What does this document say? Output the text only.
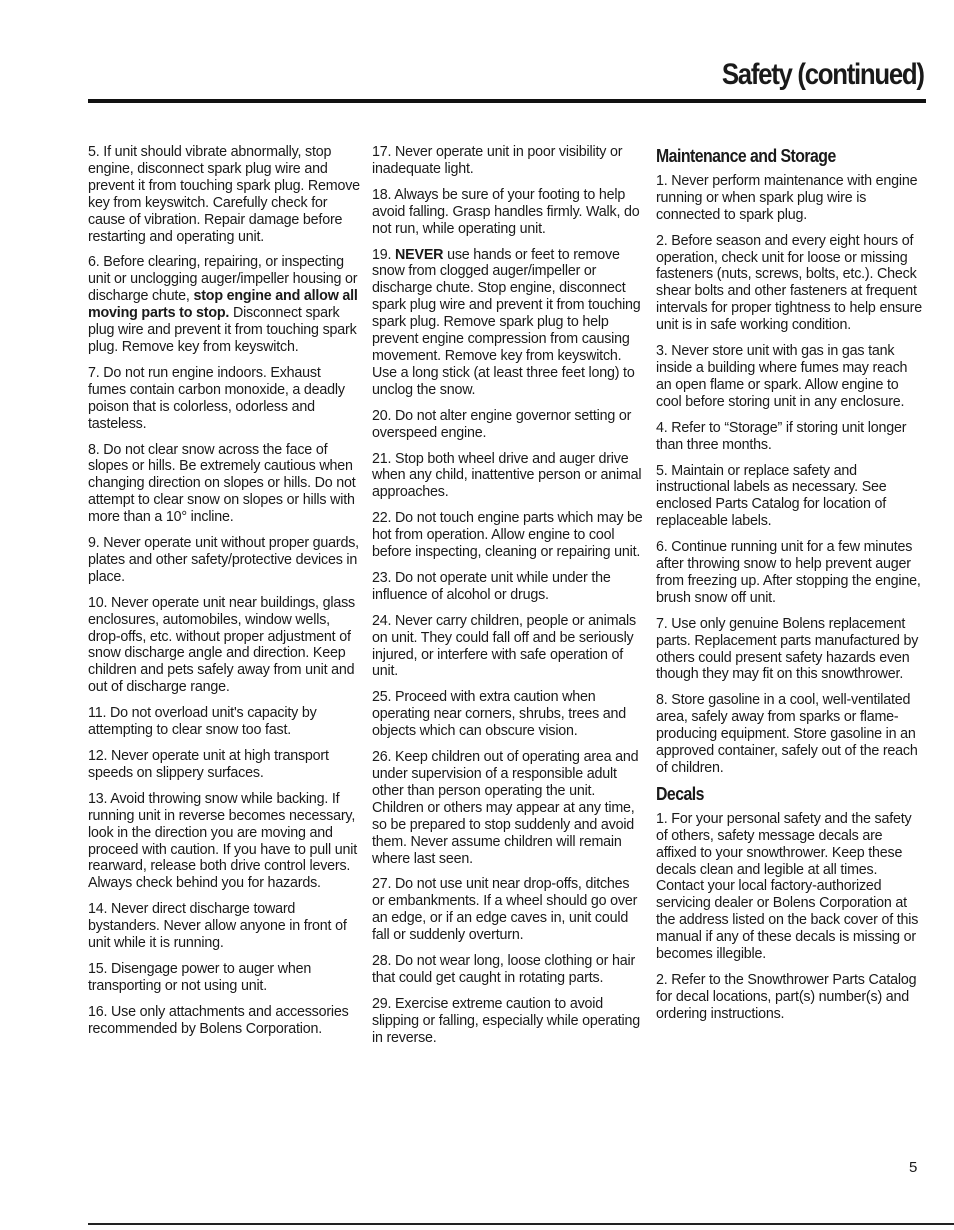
Safety (continued)

5. If unit should vibrate abnormally, stop engine, disconnect spark plug wire and prevent it from touching spark plug. Remove key from keyswitch. Carefully check for cause of vibration. Repair damage before restarting and operating unit.

6. Before clearing, repairing, or inspecting unit or unclogging auger/impeller housing or discharge chute, stop engine and allow all moving parts to stop. Disconnect spark plug wire and prevent it from touching spark plug. Remove key from keyswitch.

7. Do not run engine indoors. Exhaust fumes contain carbon monoxide, a deadly poison that is colorless, odorless and tasteless.

8. Do not clear snow across the face of slopes or hills. Be extremely cautious when changing direction on slopes or hills. Do not attempt to clear snow on slopes or hills with more than a 10° incline.

9. Never operate unit without proper guards, plates and other safety/protective devices in place.

10. Never operate unit near buildings, glass enclosures, automobiles, window wells, drop-offs, etc. without proper adjustment of snow discharge angle and direction. Keep children and pets safely away from unit and out of discharge range.

11. Do not overload unit's capacity by attempting to clear snow too fast.

12. Never operate unit at high transport speeds on slippery surfaces.

13. Avoid throwing snow while backing. If running unit in reverse becomes necessary, look in the direction you are moving and proceed with caution. If you have to pull unit rearward, release both drive control levers. Always check behind you for hazards.

14. Never direct discharge toward bystanders. Never allow anyone in front of unit while it is running.

15. Disengage power to auger when transporting or not using unit.

16. Use only attachments and accessories recommended by Bolens Corporation.

17. Never operate unit in poor visibility or inadequate light.

18. Always be sure of your footing to help avoid falling. Grasp handles firmly. Walk, do not run, while operating unit.

19. NEVER use hands or feet to remove snow from clogged auger/impeller or discharge chute. Stop engine, disconnect spark plug wire and prevent it from touching spark plug. Remove spark plug to help prevent engine compression from causing movement. Remove key from keyswitch. Use a long stick (at least three feet long) to unclog the snow.

20. Do not alter engine governor setting or overspeed engine.

21. Stop both wheel drive and auger drive when any child, inattentive person or animal approaches.

22. Do not touch engine parts which may be hot from operation. Allow engine to cool before inspecting, cleaning or repairing unit.

23. Do not operate unit while under the influence of alcohol or drugs.

24. Never carry children, people or animals on unit. They could fall off and be seriously injured, or interfere with safe operation of unit.

25. Proceed with extra caution when operating near corners, shrubs, trees and objects which can obscure vision.

26. Keep children out of operating area and under supervision of a responsible adult other than person operating the unit. Children or others may appear at any time, so be prepared to stop suddenly and avoid them. Never assume children will remain where last seen.

27. Do not use unit near drop-offs, ditches or embankments. If a wheel should go over an edge, or if an edge caves in, unit could fall or suddenly overturn.

28. Do not wear long, loose clothing or hair that could get caught in rotating parts.

29. Exercise extreme caution to avoid slipping or falling, especially while operating in reverse.

Maintenance and Storage

1. Never perform maintenance with engine running or when spark plug wire is connected to spark plug.

2. Before season and every eight hours of operation, check unit for loose or missing fasteners (nuts, screws, bolts, etc.). Check shear bolts and other fasteners at frequent intervals for proper tightness to help ensure unit is in safe working condition.

3. Never store unit with gas in gas tank inside a building where fumes may reach an open flame or spark. Allow engine to cool before storing unit in any enclosure.

4. Refer to “Storage” if storing unit longer than three months.

5. Maintain or replace safety and instructional labels as necessary. See enclosed Parts Catalog for location of replaceable labels.

6. Continue running unit for a few minutes after throwing snow to help prevent auger from freezing up. After stopping the engine, brush snow off unit.

7. Use only genuine Bolens replacement parts. Replacement parts manufactured by others could present safety hazards even though they may fit on this snowthrower.

8. Store gasoline in a cool, well-ventilated area, safely away from sparks or flame-producing equipment. Store gasoline in an approved container, safely out of the reach of children.

Decals

1. For your personal safety and the safety of others, safety message decals are affixed to your snowthrower. Keep these decals clean and legible at all times. Contact your local factory-authorized servicing dealer or Bolens Corporation at the address listed on the back cover of this manual if any of these decals is missing or becomes illegible.

2. Refer to the Snowthrower Parts Catalog for decal locations, part(s) number(s) and ordering instructions.

5
